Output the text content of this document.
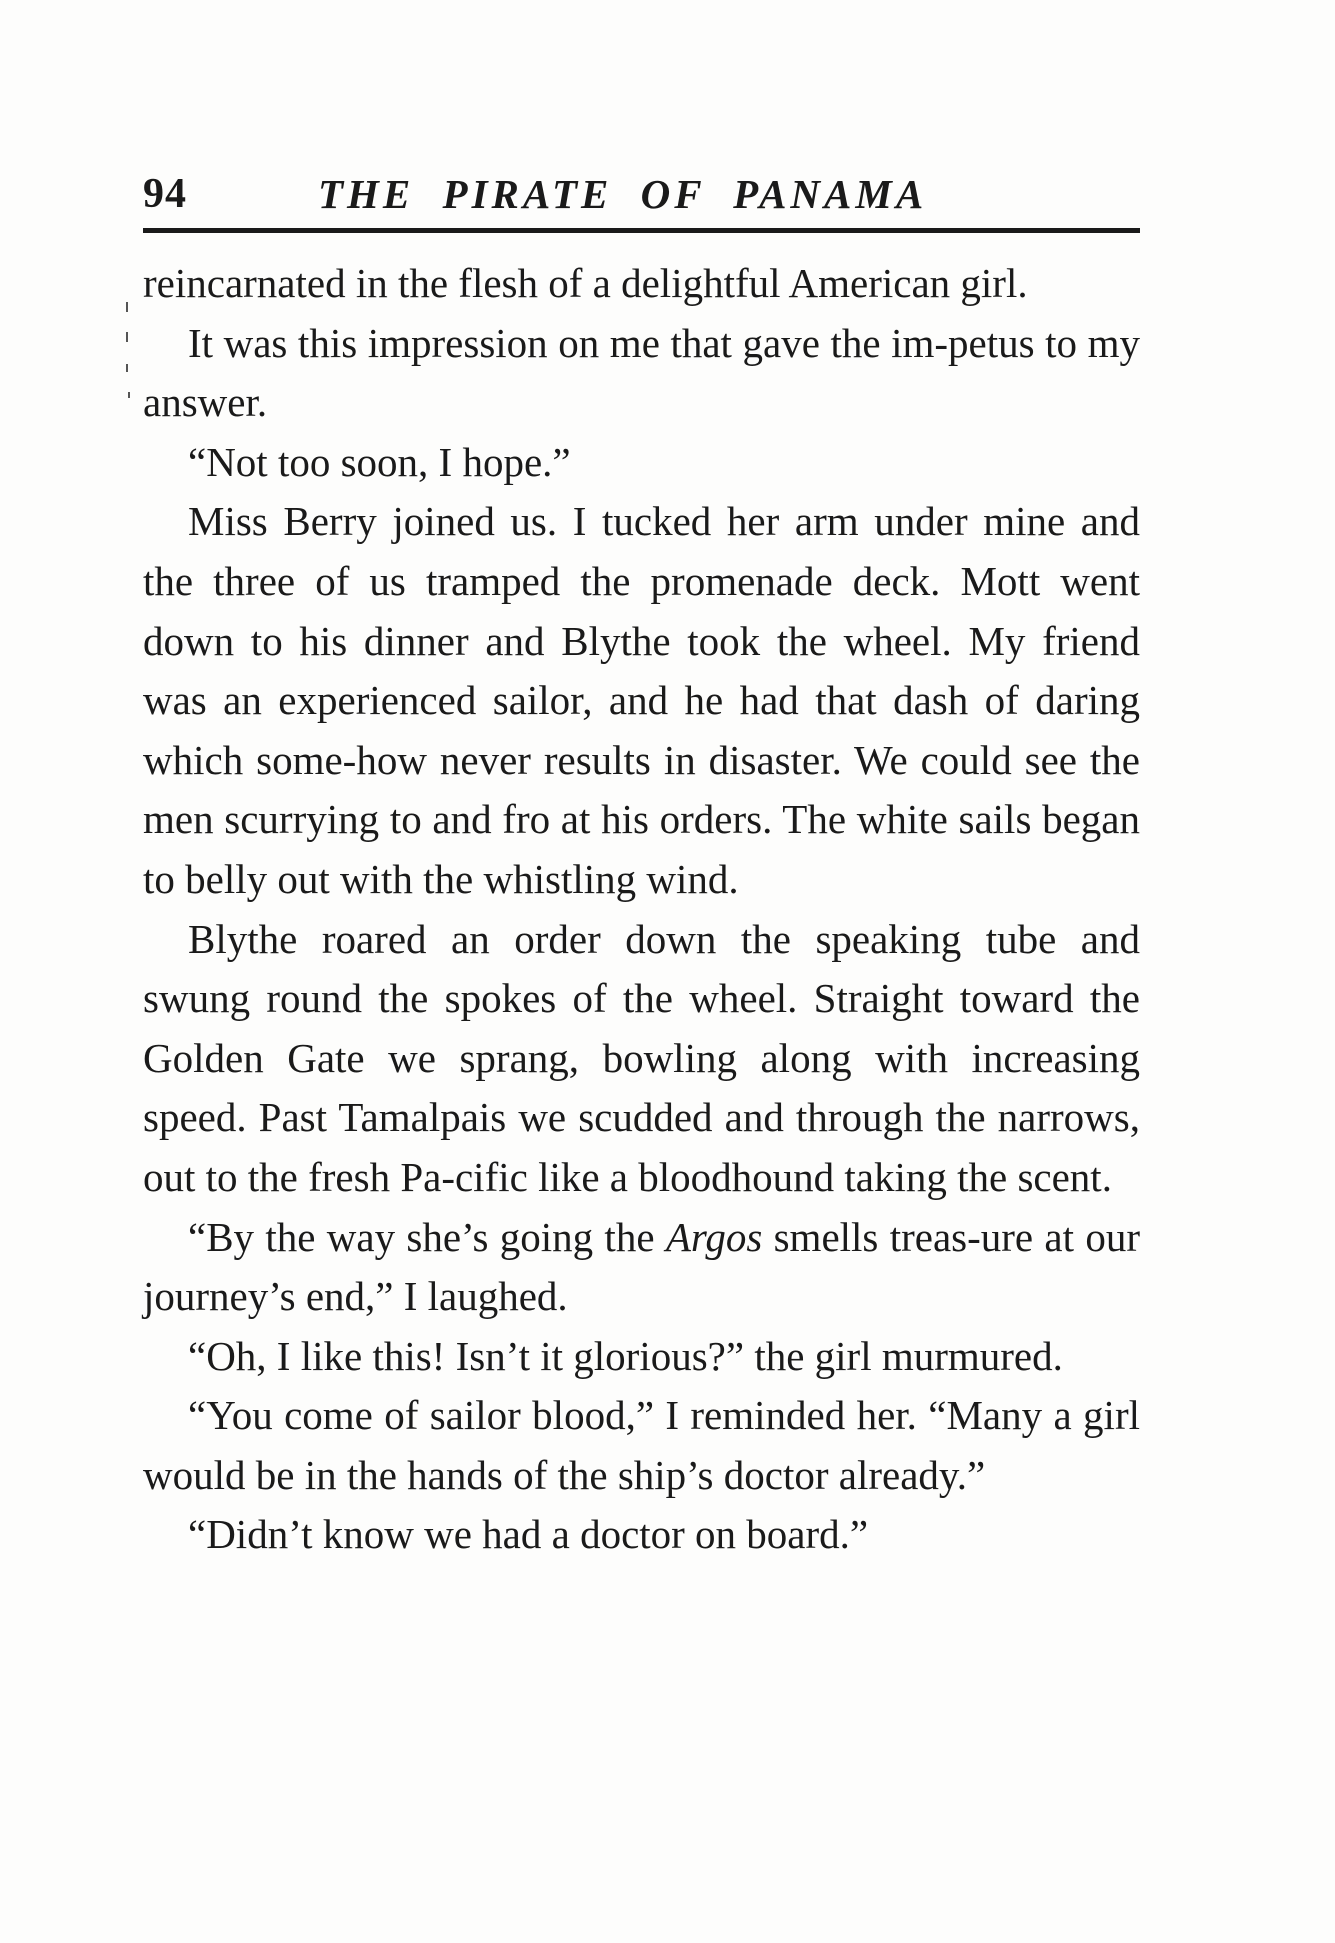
94	THE PIRATE OF PANAMA

reincarnated in the flesh of a delightful American girl.

It was this impression on me that gave the im-petus to my answer.

“Not too soon, I hope.”

Miss Berry joined us. I tucked her arm under mine and the three of us tramped the promenade deck. Mott went down to his dinner and Blythe took the wheel. My friend was an experienced sailor, and he had that dash of daring which some-how never results in disaster. We could see the men scurrying to and fro at his orders. The white sails began to belly out with the whistling wind.

Blythe roared an order down the speaking tube and swung round the spokes of the wheel. Straight toward the Golden Gate we sprang, bowling along with increasing speed. Past Tamalpais we scudded and through the narrows, out to the fresh Pa-cific like a bloodhound taking the scent.

“By the way she’s going the Argos smells treas-ure at our journey’s end,” I laughed.

“Oh, I like this! Isn’t it glorious?” the girl murmured.

“You come of sailor blood,” I reminded her. “Many a girl would be in the hands of the ship’s doctor already.”

“Didn’t know we had a doctor on board.”
